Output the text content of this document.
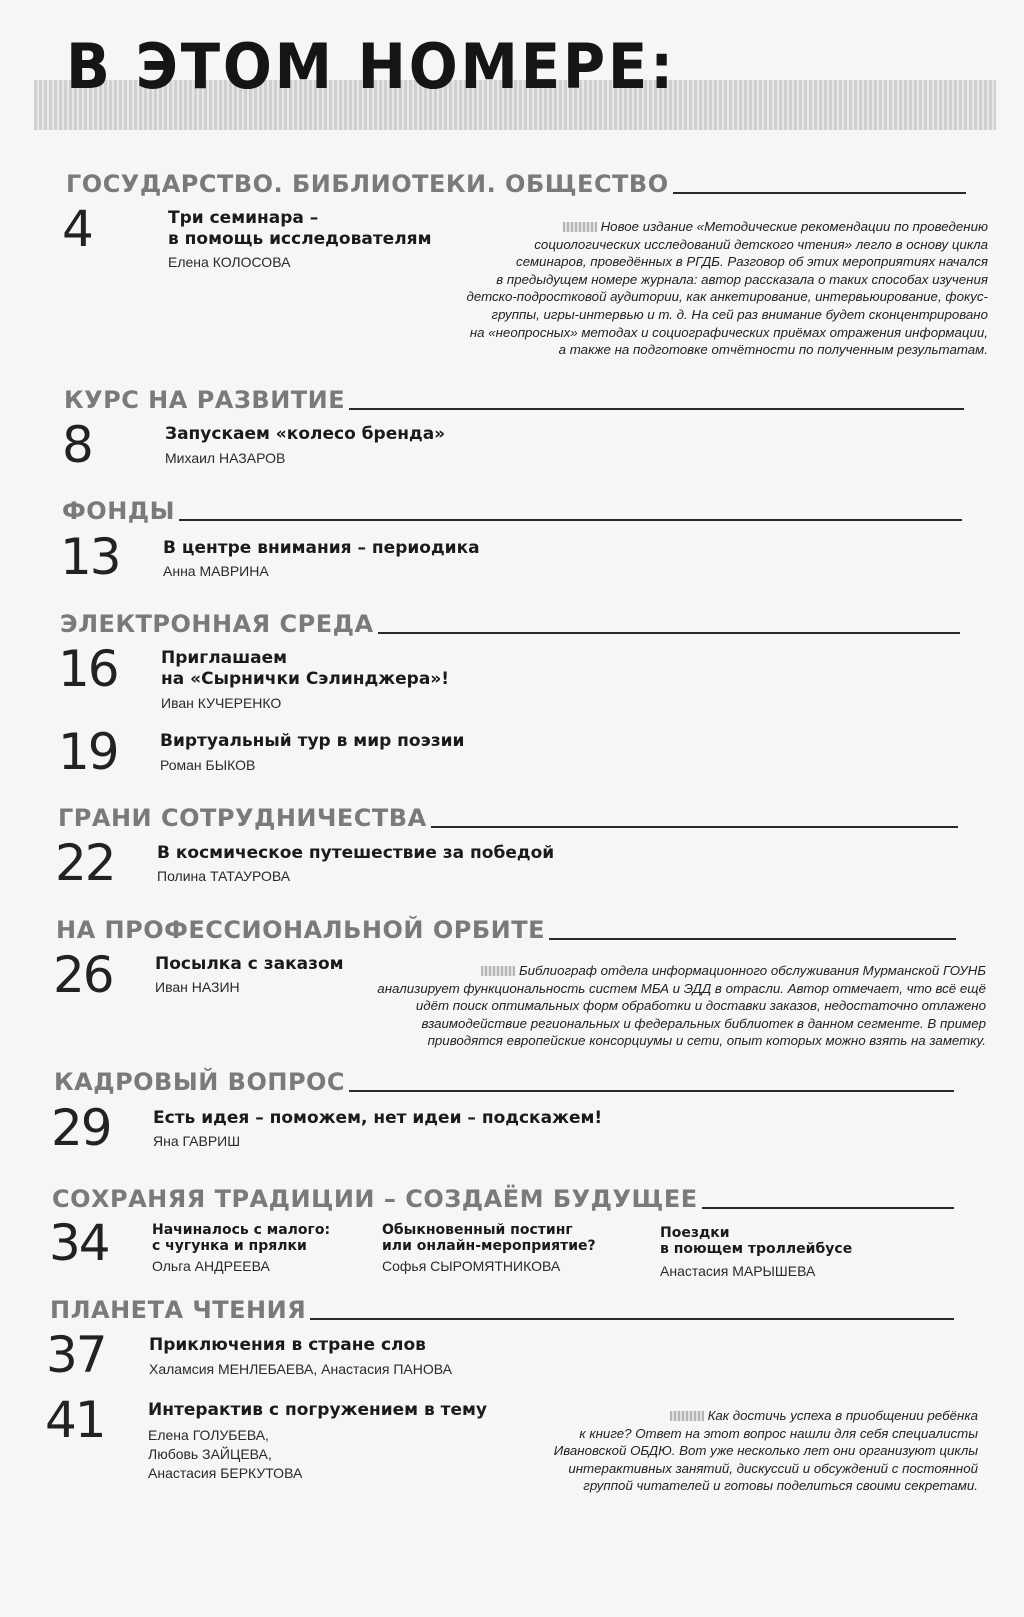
В ЭТОМ НОМЕРЕ:
ГОСУДАРСТВО. БИБЛИОТЕКИ. ОБЩЕСТВО
4	Три семинара –
в помощь исследователям
Елена КОЛОСОВА
Новое издание «Методические рекомендации по проведению
социологических исследований детского чтения» легло в основу цикла
семинаров, проведённых в РГДБ. Разговор об этих мероприятиях начался
в предыдущем номере журнала: автор рассказала о таких способах изучения
детско-подростковой аудитории, как анкетирование, интервьюирование, фокус-
группы, игры-интервью и т. д. На сей раз внимание будет сконцентрировано
на «неопросных» методах и социографических приёмах отражения информации,
а также на подготовке отчётности по полученным результатам.
КУРС НА РАЗВИТИЕ
8	Запускаем «колесо бренда»
Михаил НАЗАРОВ
ФОНДЫ
13	В центре внимания – периодика
Анна МАВРИНА
ЭЛЕКТРОННАЯ СРЕДА
16	Приглашаем
на «Сырнички Сэлинджера»!
Иван КУЧЕРЕНКО
19 Виртуальный тур в мир поэзии
Роман БЫКОВ
ГРАНИ СОТРУДНИЧЕСТВА
22 В космическое путешествие за победой
Полина ТАТАУРОВА
НА ПРОФЕССИОНАЛЬНОЙ ОРБИТЕ
26 Посылка с заказом
Иван НАЗИН
Библиограф отдела информационного обслуживания Мурманской ГОУНБ
анализирует функциональность систем МБА и ЭДД в отрасли. Автор отмечает, что всё ещё
идёт поиск оптимальных форм обработки и доставки заказов, недостаточно отлажено
взаимодействие региональных и федеральных библиотек в данном сегменте. В пример
приводятся европейские консорциумы и сети, опыт которых можно взять на заметку.
КАДРОВЫЙ ВОПРОС
29 Есть идея – поможем, нет идеи – подскажем!
Яна ГАВРИШ
СОХРАНЯЯ ТРАДИЦИИ – СОЗДАЁМ БУДУЩЕЕ
34	Начиналось с малого:
с чугунка и прялки
Ольга АНДРЕЕВА
Обыкновенный постинг
или онлайн-мероприятие?
Софья СЫРОМЯТНИКОВА
Поездки
в поющем троллейбусе
Анастасия МАРЫШЕВА
ПЛАНЕТА ЧТЕНИЯ
37	Приключения в стране слов
Халамсия МЕНЛЕБАЕВА, Анастасия ПАНОВА
41	Интерактив с погружением в тему
Елена ГОЛУБЕВА,
Любовь ЗАЙЦЕВА,
Анастасия БЕРКУТОВА
Как достичь успеха в приобщении ребёнка
к книге? Ответ на этот вопрос нашли для себя специалисты
Ивановской ОБДЮ. Вот уже несколько лет они организуют циклы
интерактивных занятий, дискуссий и обсуждений с постоянной
группой читателей и готовы поделиться своими секретами.
